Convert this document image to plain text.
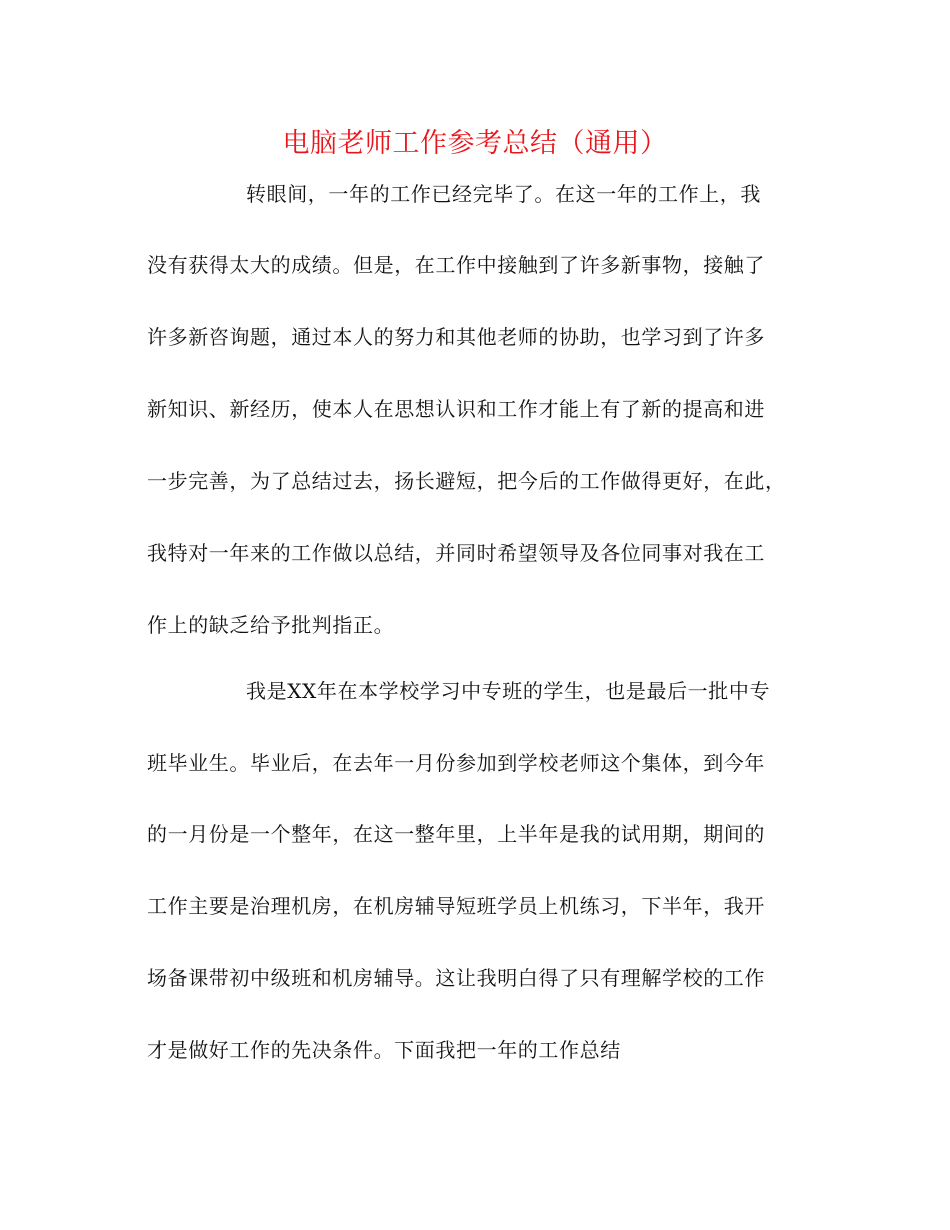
电脑老师工作参考总结（通用）
转眼间，一年的工作已经完毕了。在这一年的工作上，我
没有获得太大的成绩。但是，在工作中接触到了许多新事物，接触了
许多新咨询题，通过本人的努力和其他老师的协助，也学习到了许多
新知识、新经历，使本人在思想认识和工作才能上有了新的提高和进
一步完善，为了总结过去，扬长避短，把今后的工作做得更好，在此，
我特对一年来的工作做以总结，并同时希望领导及各位同事对我在工
作上的缺乏给予批判指正。
我是XX年在本学校学习中专班的学生，也是最后一批中专
班毕业生。毕业后，在去年一月份参加到学校老师这个集体，到今年
的一月份是一个整年，在这一整年里，上半年是我的试用期，期间的
工作主要是治理机房，在机房辅导短班学员上机练习，下半年，我开
场备课带初中级班和机房辅导。这让我明白得了只有理解学校的工作
才是做好工作的先决条件。下面我把一年的工作总结
